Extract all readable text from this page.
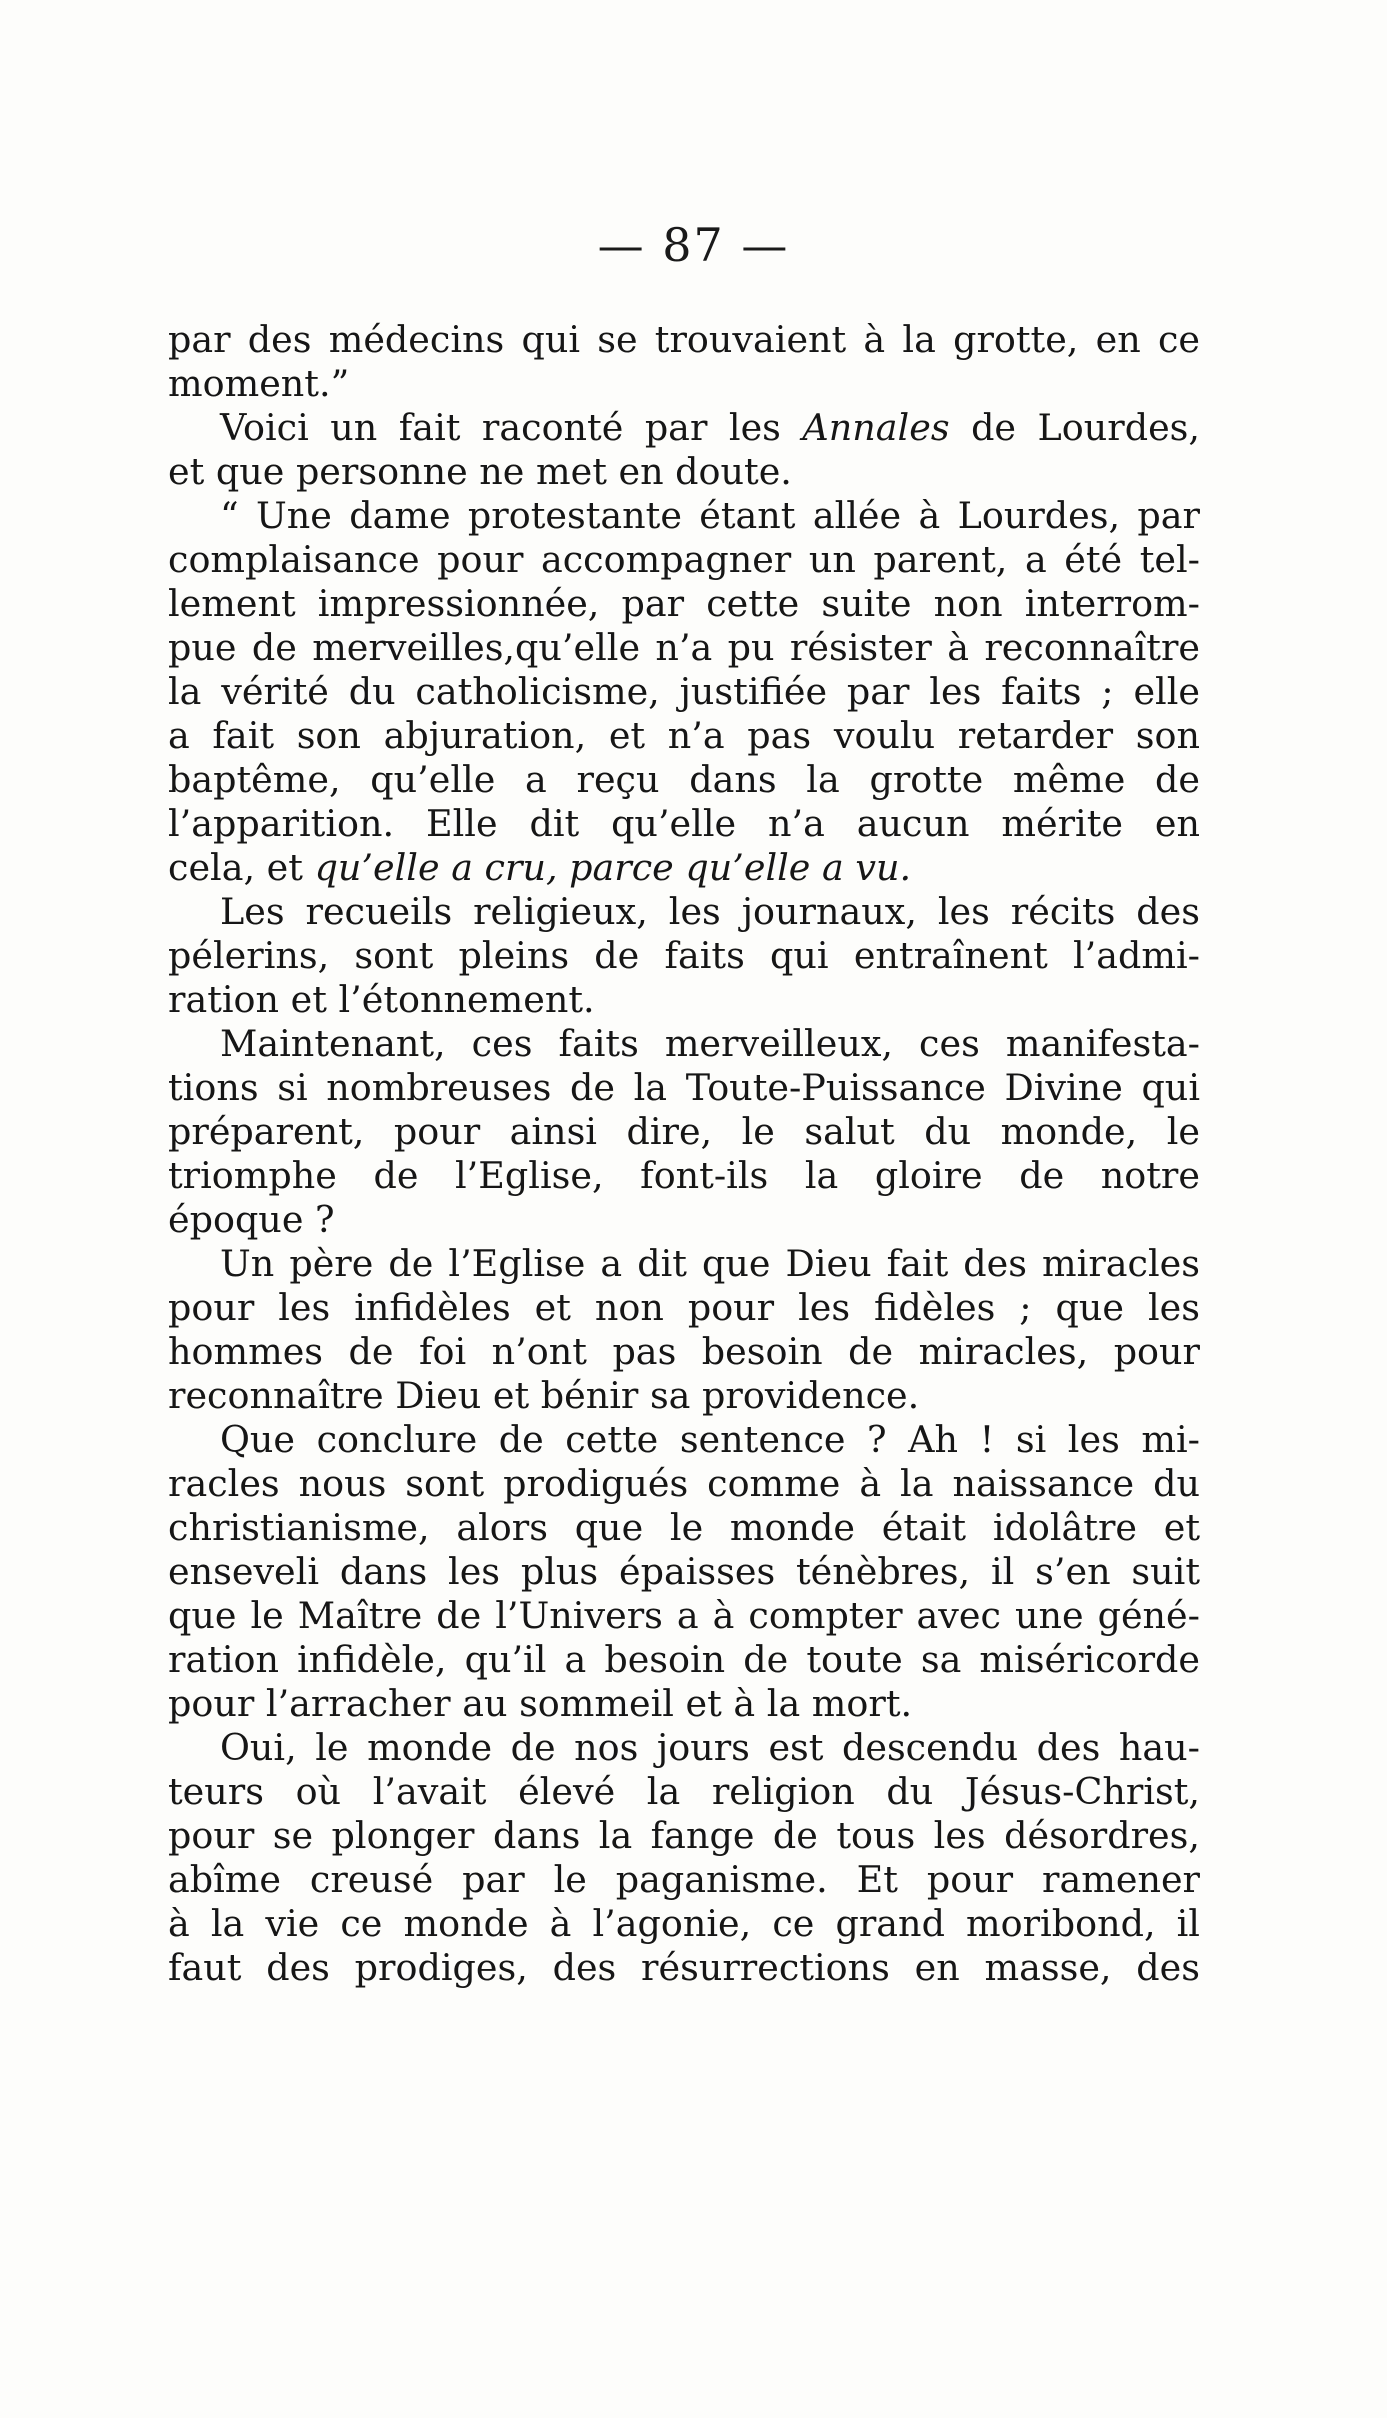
— 87 —
par des médecins qui se trouvaient à la grotte, en ce
moment.”
Voici un fait raconté par les Annales de Lourdes,
et que personne ne met en doute.
“ Une dame protestante étant allée à Lourdes, par
complaisance pour accompagner un parent, a été tel-
lement impressionnée, par cette suite non interrom-
pue de merveilles,qu’elle n’a pu résister à reconnaître
la vérité du catholicisme, justifiée par les faits ; elle
a fait son abjuration, et n’a pas voulu retarder son
baptême, qu’elle a reçu dans la grotte même de
l’apparition. Elle dit qu’elle n’a aucun mérite en
cela, et qu’elle a cru, parce qu’elle a vu.
Les recueils religieux, les journaux, les récits des
pélerins, sont pleins de faits qui entraînent l’admi-
ration et l’étonnement.
Maintenant, ces faits merveilleux, ces manifesta-
tions si nombreuses de la Toute-Puissance Divine qui
préparent, pour ainsi dire, le salut du monde, le
triomphe de l’Eglise, font-ils la gloire de notre
époque ?
Un père de l’Eglise a dit que Dieu fait des miracles
pour les infidèles et non pour les fidèles ; que les
hommes de foi n’ont pas besoin de miracles, pour
reconnaître Dieu et bénir sa providence.
Que conclure de cette sentence ? Ah ! si les mi-
racles nous sont prodigués comme à la naissance du
christianisme, alors que le monde était idolâtre et
enseveli dans les plus épaisses ténèbres, il s’en suit
que le Maître de l’Univers a à compter avec une géné-
ration infidèle, qu’il a besoin de toute sa miséricorde
pour l’arracher au sommeil et à la mort.
Oui, le monde de nos jours est descendu des hau-
teurs où l’avait élevé la religion du Jésus-Christ,
pour se plonger dans la fange de tous les désordres,
abîme creusé par le paganisme. Et pour ramener
à la vie ce monde à l’agonie, ce grand moribond, il
faut des prodiges, des résurrections en masse, des
